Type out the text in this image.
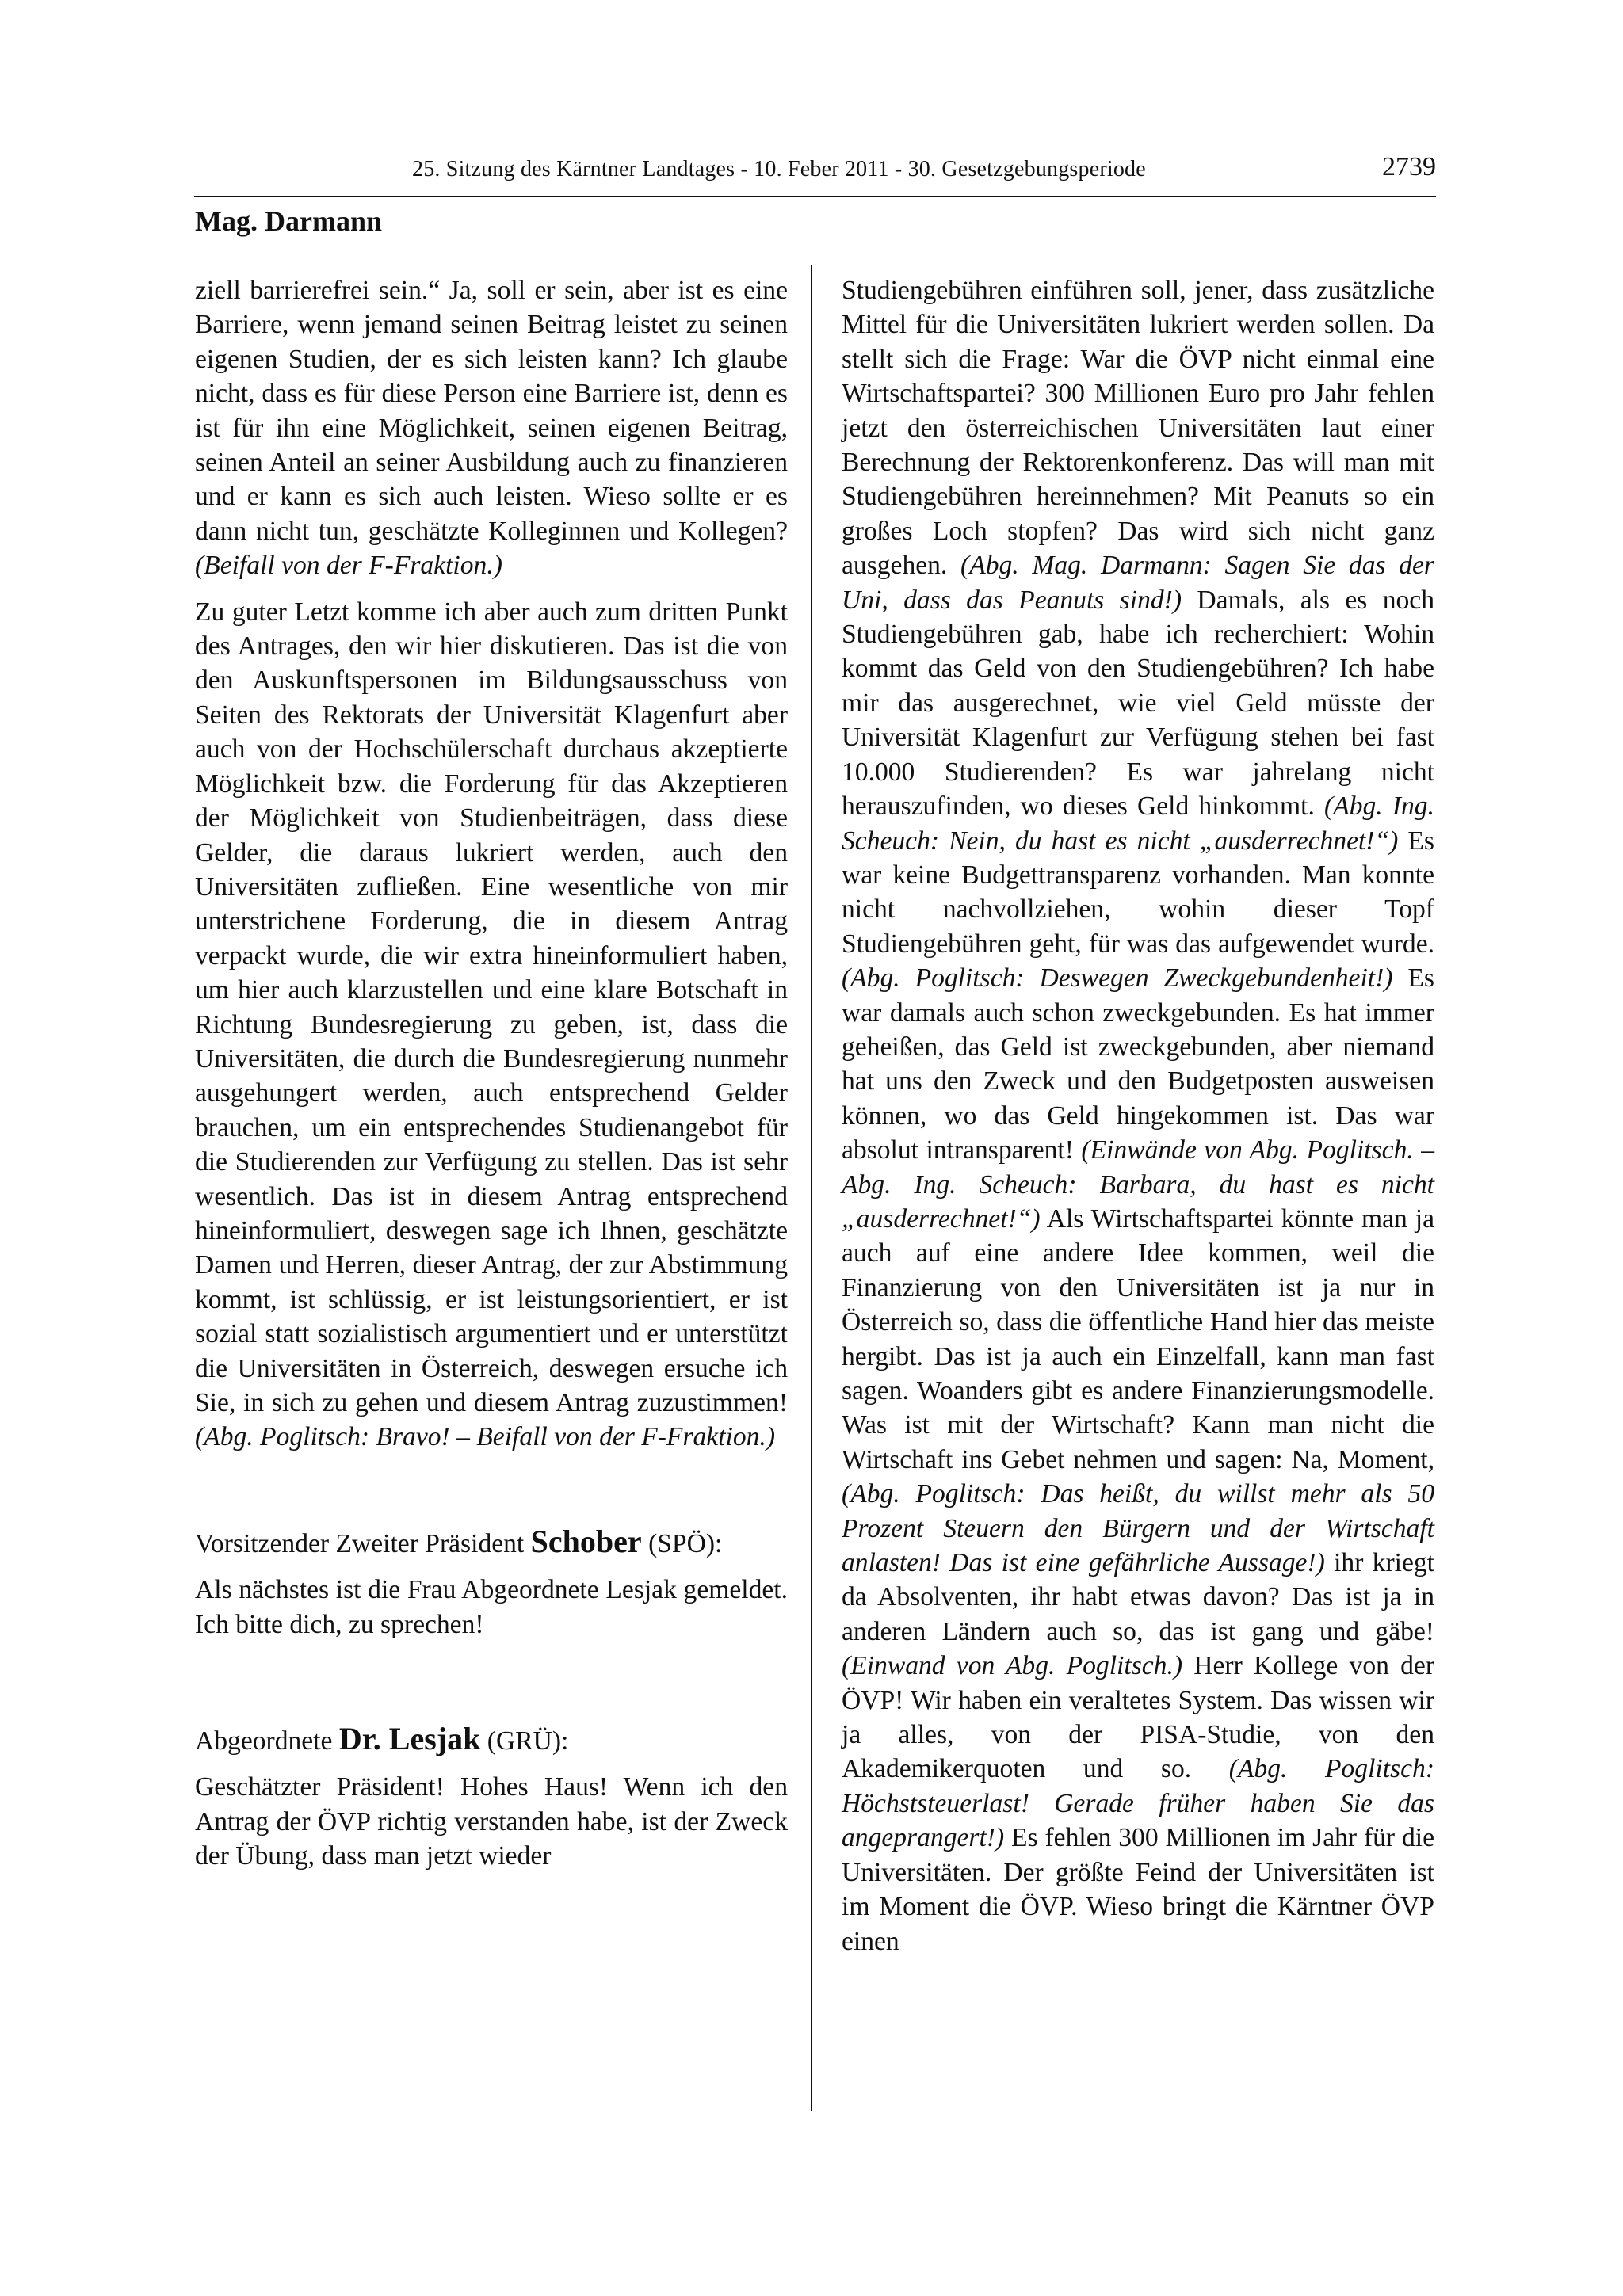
25. Sitzung des Kärntner Landtages - 10. Feber 2011 - 30. Gesetzgebungsperiode	2739
Mag. Darmann

ziell barrierefrei sein.“ Ja, soll er sein, aber ist es eine Barriere, wenn jemand seinen Beitrag leistet zu seinen eigenen Studien, der es sich leisten kann? Ich glaube nicht, dass es für diese Person eine Barriere ist, denn es ist für ihn eine Möglichkeit, seinen eigenen Beitrag, seinen Anteil an seiner Ausbildung auch zu finanzieren und er kann es sich auch leisten. Wieso sollte er es dann nicht tun, geschätzte Kolleginnen und Kollegen? (Beifall von der F-Fraktion.)

Zu guter Letzt komme ich aber auch zum dritten Punkt des Antrages, den wir hier diskutieren. Das ist die von den Auskunftspersonen im Bildungsausschuss von Seiten des Rektorats der Universität Klagenfurt aber auch von der Hochschülerschaft durchaus akzeptierte Möglichkeit bzw. die Forderung für das Akzeptieren der Möglichkeit von Studienbeiträgen, dass diese Gelder, die daraus lukriert werden, auch den Universitäten zufließen. Eine wesentliche von mir unterstrichene Forderung, die in diesem Antrag verpackt wurde, die wir extra hineinformuliert haben, um hier auch klarzustellen und eine klare Botschaft in Richtung Bundesregierung zu geben, ist, dass die Universitäten, die durch die Bundesregierung nunmehr ausgehungert werden, auch entsprechend Gelder brauchen, um ein entsprechendes Studienangebot für die Studierenden zur Verfügung zu stellen. Das ist sehr wesentlich. Das ist in diesem Antrag entsprechend hineinformuliert, deswegen sage ich Ihnen, geschätzte Damen und Herren, dieser Antrag, der zur Abstimmung kommt, ist schlüssig, er ist leistungsorientiert, er ist sozial statt sozialistisch argumentiert und er unterstützt die Universitäten in Österreich, deswegen ersuche ich Sie, in sich zu gehen und diesem Antrag zuzustimmen! (Abg. Poglitsch: Bravo! – Beifall von der F-Fraktion.)

Vorsitzender Zweiter Präsident Schober (SPÖ):

Als nächstes ist die Frau Abgeordnete Lesjak gemeldet. Ich bitte dich, zu sprechen!

Abgeordnete Dr. Lesjak (GRÜ):

Geschätzter Präsident! Hohes Haus! Wenn ich den Antrag der ÖVP richtig verstanden habe, ist der Zweck der Übung, dass man jetzt wieder

Studiengebühren einführen soll, jener, dass zusätzliche Mittel für die Universitäten lukriert werden sollen. Da stellt sich die Frage: War die ÖVP nicht einmal eine Wirtschaftspartei? 300 Millionen Euro pro Jahr fehlen jetzt den österreichischen Universitäten laut einer Berechnung der Rektorenkonferenz. Das will man mit Studiengebühren hereinnehmen? Mit Peanuts so ein großes Loch stopfen? Das wird sich nicht ganz ausgehen. (Abg. Mag. Darmann: Sagen Sie das der Uni, dass das Peanuts sind!) Damals, als es noch Studiengebühren gab, habe ich recherchiert: Wohin kommt das Geld von den Studiengebühren? Ich habe mir das ausgerechnet, wie viel Geld müsste der Universität Klagenfurt zur Verfügung stehen bei fast 10.000 Studierenden? Es war jahrelang nicht herauszufinden, wo dieses Geld hinkommt. (Abg. Ing. Scheuch: Nein, du hast es nicht „ausderrechnet!“) Es war keine Budgettransparenz vorhanden. Man konnte nicht nachvollziehen, wohin dieser Topf Studiengebühren geht, für was das aufgewendet wurde. (Abg. Poglitsch: Deswegen Zweckgebundenheit!) Es war damals auch schon zweckgebunden. Es hat immer geheißen, das Geld ist zweckgebunden, aber niemand hat uns den Zweck und den Budgetposten ausweisen können, wo das Geld hingekommen ist. Das war absolut intransparent! (Einwände von Abg. Poglitsch. – Abg. Ing. Scheuch: Barbara, du hast es nicht „ausderrechnet!“) Als Wirtschaftspartei könnte man ja auch auf eine andere Idee kommen, weil die Finanzierung von den Universitäten ist ja nur in Österreich so, dass die öffentliche Hand hier das meiste hergibt. Das ist ja auch ein Einzelfall, kann man fast sagen. Woanders gibt es andere Finanzierungsmodelle. Was ist mit der Wirtschaft? Kann man nicht die Wirtschaft ins Gebet nehmen und sagen: Na, Moment, (Abg. Poglitsch: Das heißt, du willst mehr als 50 Prozent Steuern den Bürgern und der Wirtschaft anlasten! Das ist eine gefährliche Aussage!) ihr kriegt da Absolventen, ihr habt etwas davon? Das ist ja in anderen Ländern auch so, das ist gang und gäbe! (Einwand von Abg. Poglitsch.) Herr Kollege von der ÖVP! Wir haben ein veraltetes System. Das wissen wir ja alles, von der PISA-Studie, von den Akademikerquoten und so. (Abg. Poglitsch: Höchststeuerlast! Gerade früher haben Sie das angeprangert!) Es fehlen 300 Millionen im Jahr für die Universitäten. Der größte Feind der Universitäten ist im Moment die ÖVP. Wieso bringt die Kärntner ÖVP einen
